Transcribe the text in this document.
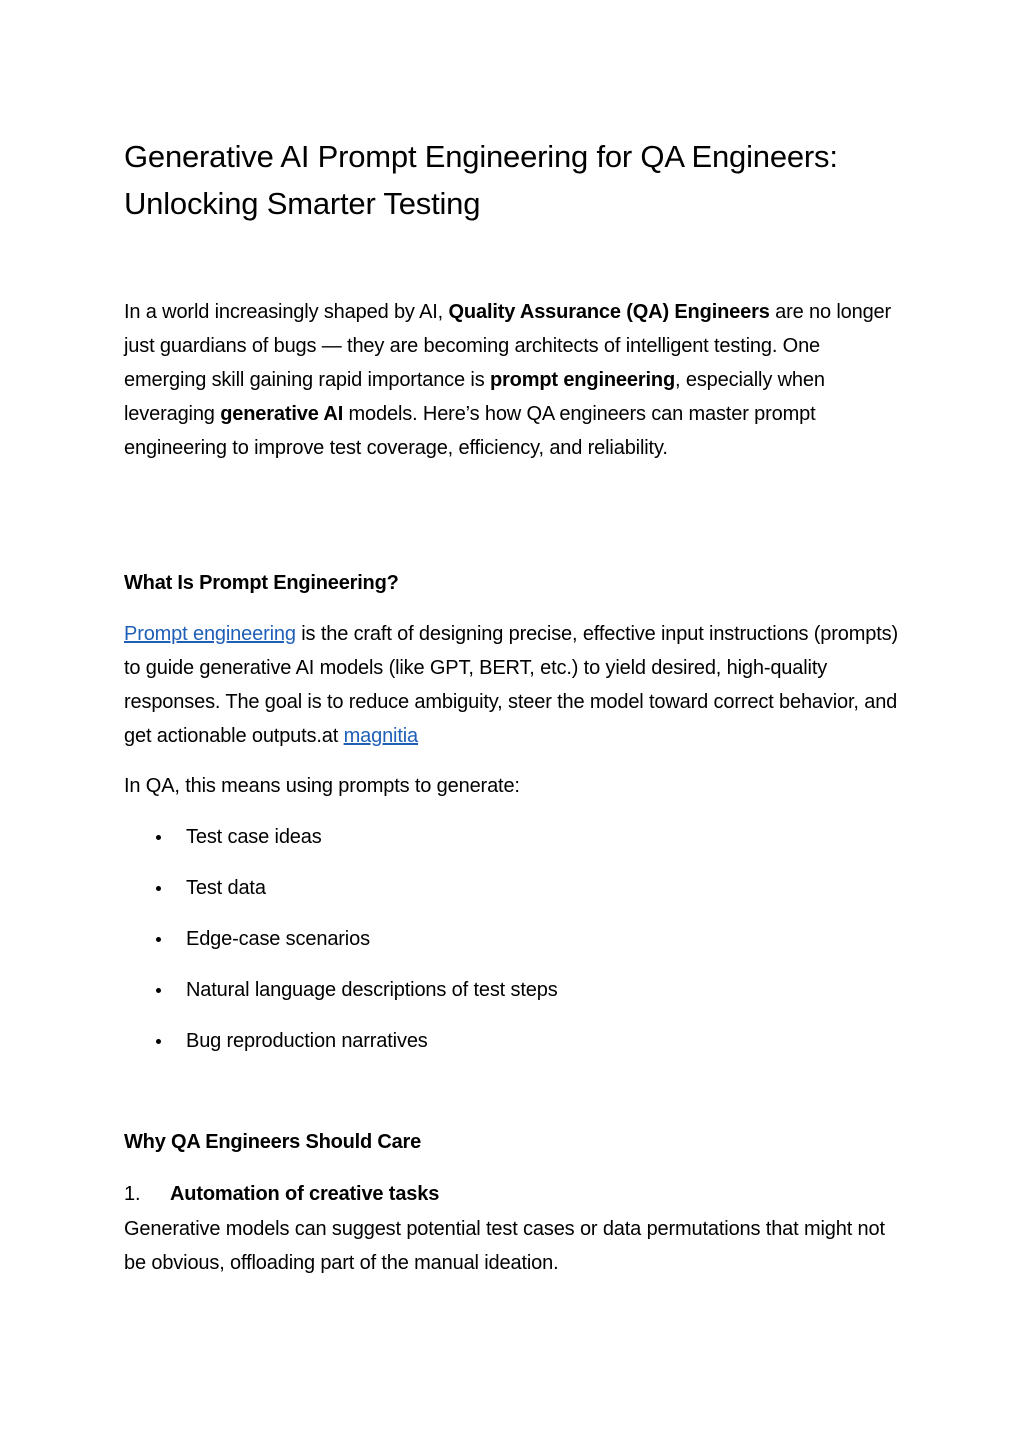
Generative AI Prompt Engineering for QA Engineers:
Unlocking Smarter Testing

In a world increasingly shaped by AI, Quality Assurance (QA) Engineers are no longer just guardians of bugs — they are becoming architects of intelligent testing. One emerging skill gaining rapid importance is prompt engineering, especially when leveraging generative AI models. Here’s how QA engineers can master prompt engineering to improve test coverage, efficiency, and reliability.

What Is Prompt Engineering?

Prompt engineering is the craft of designing precise, effective input instructions (prompts) to guide generative AI models (like GPT, BERT, etc.) to yield desired, high-quality responses. The goal is to reduce ambiguity, steer the model toward correct behavior, and get actionable outputs.at magnitia

In QA, this means using prompts to generate:

Test case ideas
Test data
Edge-case scenarios
Natural language descriptions of test steps
Bug reproduction narratives
Why QA Engineers Should Care
1. Automation of creative tasks

Generative models can suggest potential test cases or data permutations that might not be obvious, offloading part of the manual ideation.
